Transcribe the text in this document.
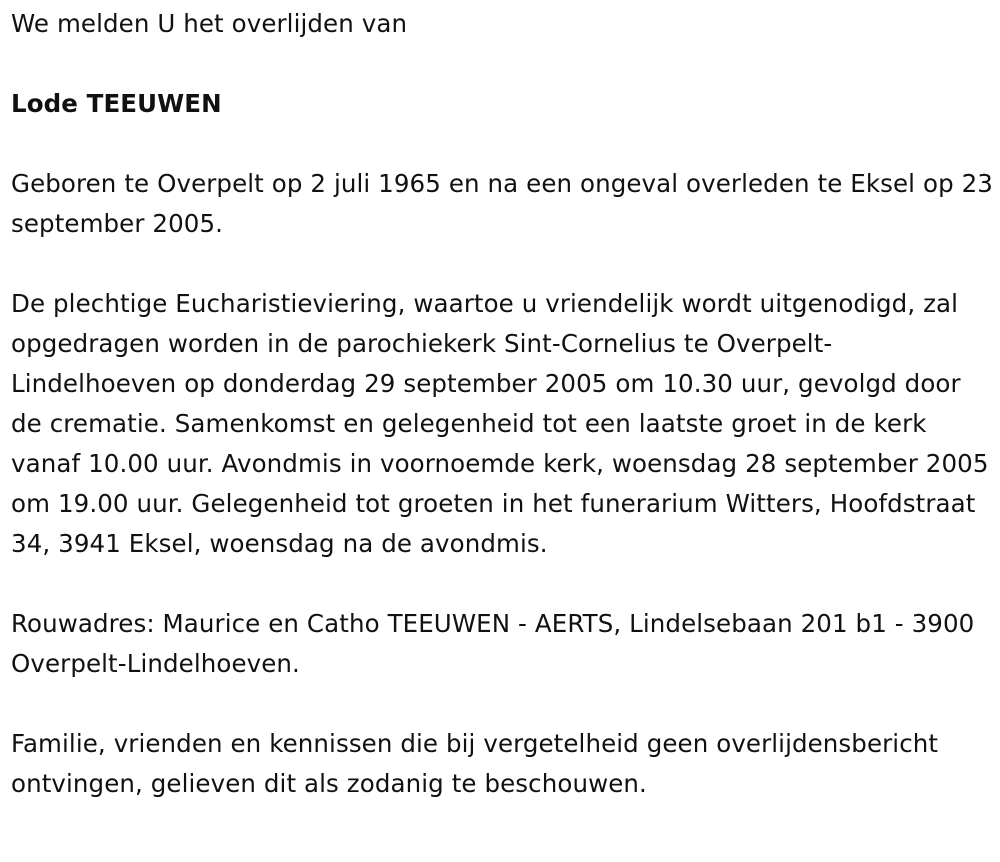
We melden U het overlijden van

Lode TEEUWEN

Geboren te Overpelt op 2 juli 1965 en na een ongeval overleden te Eksel op 23 september 2005.

De plechtige Eucharistieviering, waartoe u vriendelijk wordt uitgenodigd, zal opgedragen worden in de parochiekerk Sint-Cornelius te Overpelt-Lindelhoeven op donderdag 29 september 2005 om 10.30 uur, gevolgd door de crematie. Samenkomst en gelegenheid tot een laatste groet in de kerk vanaf 10.00 uur. Avondmis in voornoemde kerk, woensdag 28 september 2005 om 19.00 uur. Gelegenheid tot groeten in het funerarium Witters, Hoofdstraat 34, 3941 Eksel, woensdag na de avondmis.

Rouwadres: Maurice en Catho TEEUWEN - AERTS, Lindelsebaan 201 b1 - 3900 Overpelt-Lindelhoeven.

Familie, vrienden en kennissen die bij vergetelheid geen overlijdensbericht ontvingen, gelieven dit als zodanig te beschouwen.
